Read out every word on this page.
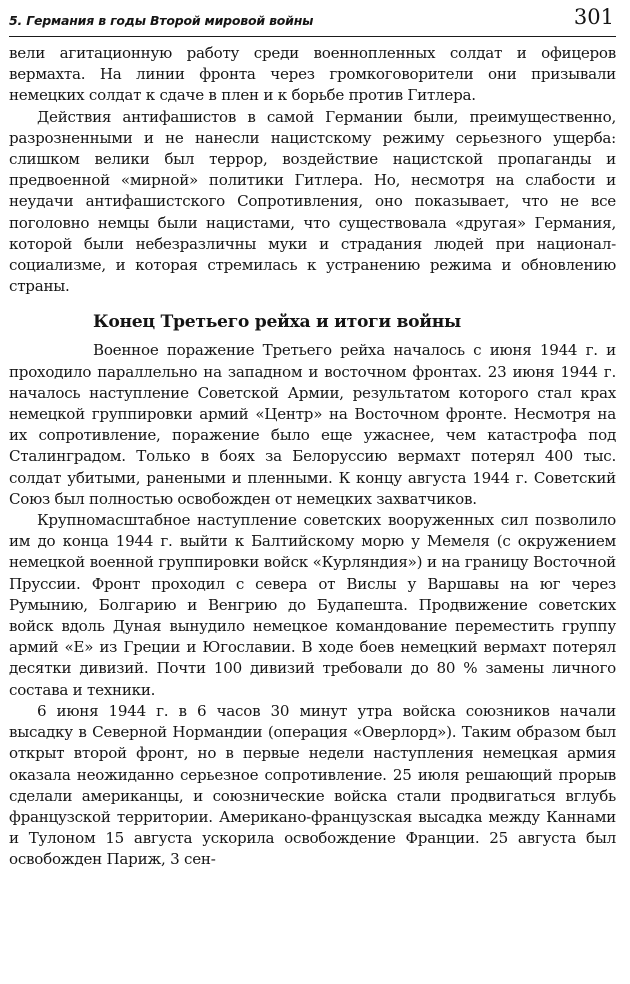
5. Германия в годы Второй мировой войны	301

вели агитационную работу среди военнопленных солдат и офицеров вермахта. На линии фронта через громкоговорители они призывали немецких солдат к сдаче в плен и к борьбе против Гитлера.

Действия антифашистов в самой Германии были, преимущественно, разрозненными и не нанесли нацистскому режиму серьезного ущерба: слишком велики был террор, воздействие нацистской пропаганды и предвоенной «мирной» политики Гитлера. Но, несмотря на слабости и неудачи антифашистского Сопротивления, оно показывает, что не все поголовно немцы были нацистами, что существовала «другая» Германия, которой были небезразличны муки и страдания людей при национал-социализме, и которая стремилась к устранению режима и обновлению страны.

Конец Третьего рейха и итоги войны

Военное поражение Третьего рейха началось с июня 1944 г. и проходило параллельно на западном и восточном фронтах. 23 июня 1944 г. началось наступление Советской Армии, результатом которого стал крах немецкой группировки армий «Центр» на Восточном фронте. Несмотря на их сопротивление, поражение было еще ужаснее, чем катастрофа под Сталинградом. Только в боях за Белоруссию вермахт потерял 400 тыс. солдат убитыми, ранеными и пленными. К концу августа 1944 г. Советский Союз был полностью освобожден от немецких захватчиков.

Крупномасштабное наступление советских вооруженных сил позволило им до конца 1944 г. выйти к Балтийскому морю у Мемеля (с окружением немецкой военной группировки войск «Курляндия») и на границу Восточной Пруссии. Фронт проходил с севера от Вислы у Варшавы на юг через Румынию, Болгарию и Венгрию до Будапешта. Продвижение советских войск вдоль Дуная вынудило немецкое командование переместить группу армий «Е» из Греции и Югославии. В ходе боев немецкий вермахт потерял десятки дивизий. Почти 100 дивизий требовали до 80 % замены личного состава и техники.

6 июня 1944 г. в 6 часов 30 минут утра войска союзников начали высадку в Северной Нормандии (операция «Оверлорд»). Таким образом был открыт второй фронт, но в первые недели наступления немецкая армия оказала неожиданно серьезное сопротивление. 25 июля решающий прорыв сделали американцы, и союзнические войска стали продвигаться вглубь французской территории. Американо-французская высадка между Каннами и Тулоном 15 августа ускорила освобождение Франции. 25 августа был освобожден Париж, 3 сен-
